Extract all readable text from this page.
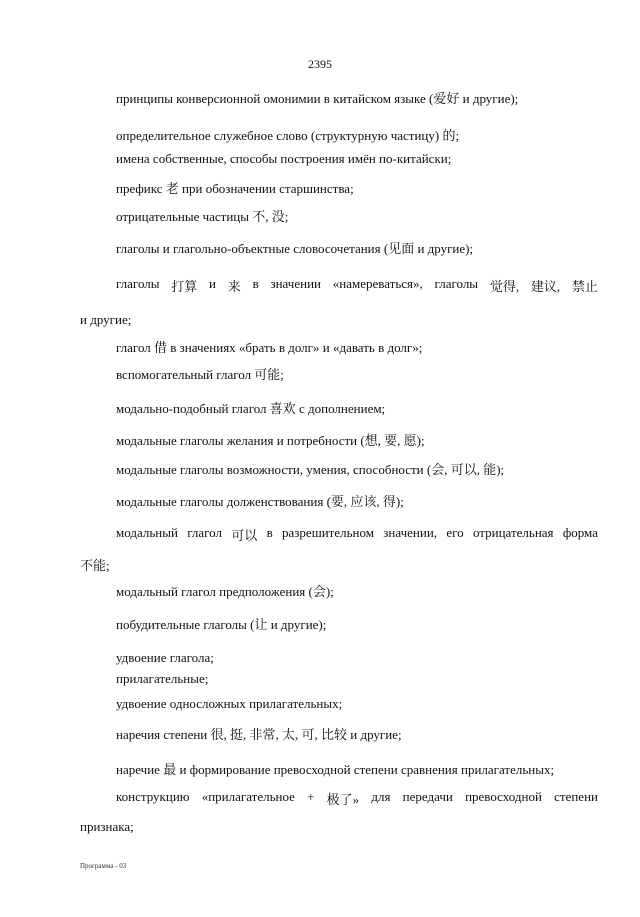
2395
принципы конверсионной омонимии в китайском языке (爱好 и другие);
определительное служебное слово (структурную частицу) 的;
имена собственные, способы построения имён по-китайски;
префикс 老 при обозначении старшинства;
отрицательные частицы 不, 没;
глаголы и глагольно-объектные словосочетания (见面 и другие);
глаголы 打算 и 来 в значении «намереваться», глаголы 觉得, 建议, 禁止
и другие;
глагол 借 в значениях «брать в долг» и «давать в долг»;
вспомогательный глагол 可能;
модально-подобный глагол 喜欢 с дополнением;
модальные глаголы желания и потребности (想, 要, 愿);
модальные глаголы возможности, умения, способности (会, 可以, 能);
модальные глаголы долженствования (要, 应该, 得);
модальный глагол 可以 в разрешительном значении, его отрицательная форма
不能;
модальный глагол предположения (会);
побудительные глаголы (让 и другие);
удвоение глагола;
прилагательные;
удвоение односложных прилагательных;
наречия степени 很, 挺, 非常, 太, 可, 比较 и другие;
наречие 最 и формирование превосходной степени сравнения прилагательных;
конструкцию «прилагательное + 极了» для передачи превосходной степени
признака;
Программа - 03
